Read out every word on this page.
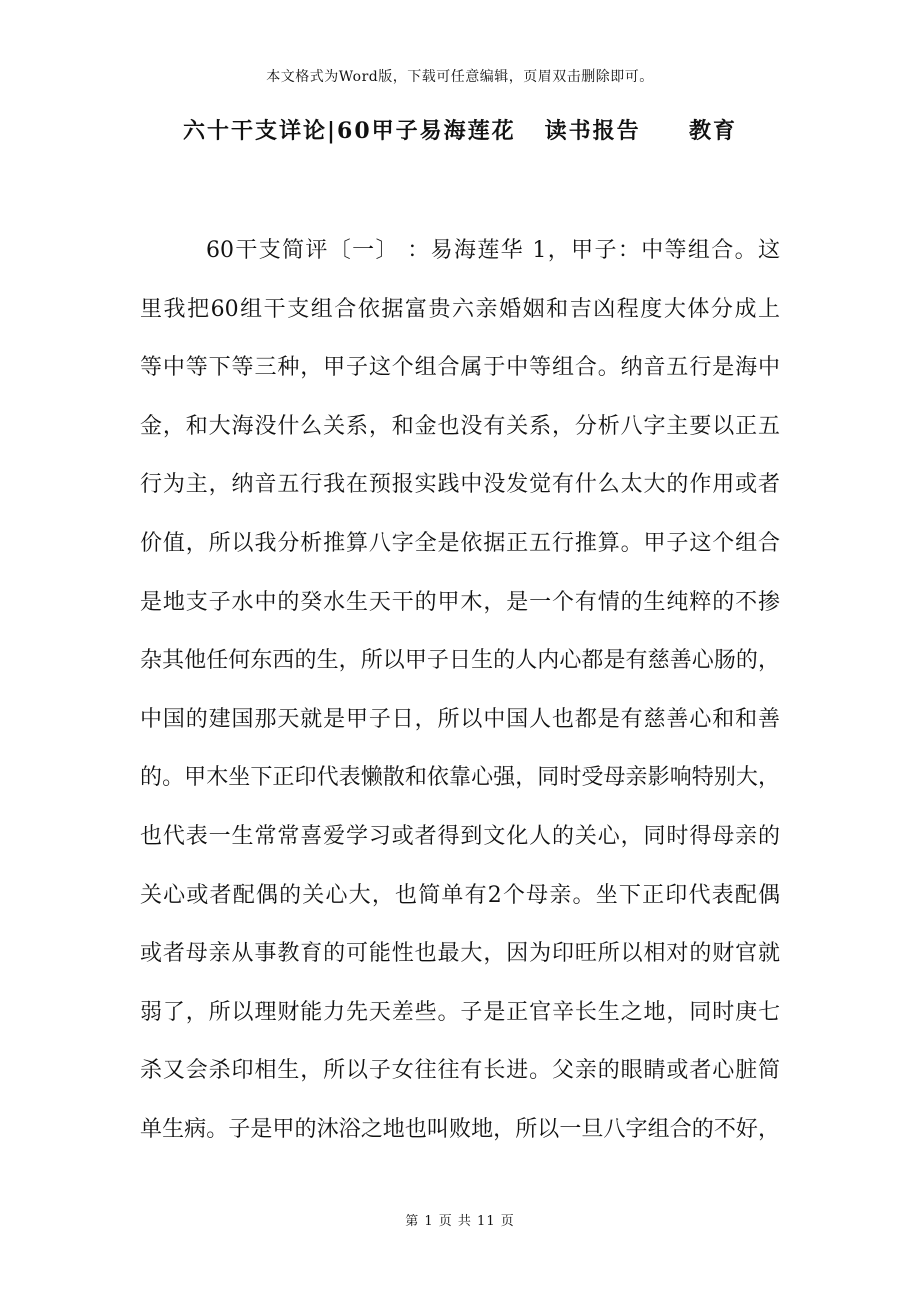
本文格式为Word版，下载可任意编辑，页眉双击删除即可。
六十干支详论|60甲子易海莲花   读书报告     教育
60干支简评〔一〕 ：易海莲华 1，甲子：中等组合。这
里我把60组干支组合依据富贵六亲婚姻和吉凶程度大体分成上
等中等下等三种，甲子这个组合属于中等组合。纳音五行是海中
金，和大海没什么关系，和金也没有关系，分析八字主要以正五
行为主，纳音五行我在预报实践中没发觉有什么太大的作用或者
价值，所以我分析推算八字全是依据正五行推算。甲子这个组合
是地支子水中的癸水生天干的甲木，是一个有情的生纯粹的不掺
杂其他任何东西的生，所以甲子日生的人内心都是有慈善心肠的，
中国的建国那天就是甲子日，所以中国人也都是有慈善心和和善
的。甲木坐下正印代表懒散和依靠心强，同时受母亲影响特别大，
也代表一生常常喜爱学习或者得到文化人的关心，同时得母亲的
关心或者配偶的关心大，也简单有2个母亲。坐下正印代表配偶
或者母亲从事教育的可能性也最大，因为印旺所以相对的财官就
弱了，所以理财能力先天差些。子是正官辛长生之地，同时庚七
杀又会杀印相生，所以子女往往有长进。父亲的眼睛或者心脏简
单生病。子是甲的沐浴之地也叫败地，所以一旦八字组合的不好，
第 1 页 共 11 页
